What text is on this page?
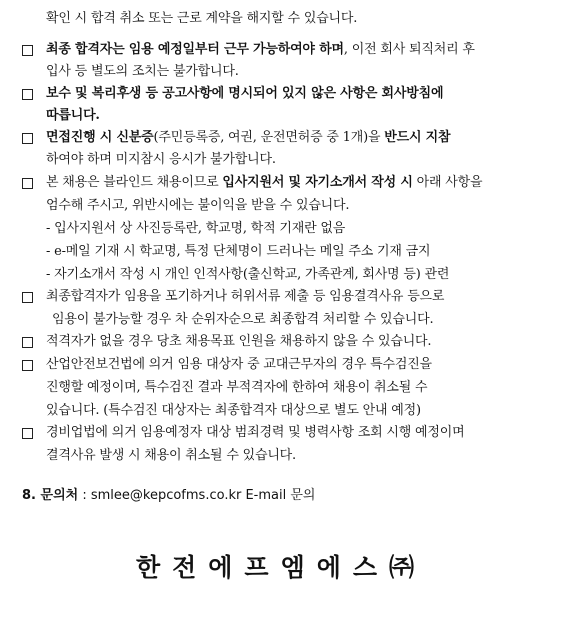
확인 시 합격 취소 또는 근로 계약을 해지할 수 있습니다.
최종 합격자는 임용 예정일부터 근무 가능하여야 하며, 이전 회사 퇴직처리 후
입사 등 별도의 조치는 불가합니다.
보수 및 복리후생 등 공고사항에 명시되어 있지 않은 사항은 회사방침에
따릅니다.
면접진행 시 신분증(주민등록증, 여권, 운전면허증 중 1개)을 반드시 지참
하여야 하며 미지참시 응시가 불가합니다.
본 채용은 블라인드 채용이므로 입사지원서 및 자기소개서 작성 시 아래 사항을
엄수해 주시고, 위반시에는 불이익을 받을 수 있습니다.
- 입사지원서 상 사진등록란, 학교명, 학적 기재란 없음
- e-메일 기재 시 학교명, 특정 단체명이 드러나는 메일 주소 기재 금지
- 자기소개서 작성 시 개인 인적사항(출신학교, 가족관계, 회사명 등) 관련
최종합격자가 임용을 포기하거나 허위서류 제출 등 임용결격사유 등으로
임용이 불가능할 경우 차 순위자순으로 최종합격 처리할 수 있습니다.
적격자가 없을 경우 당초 채용목표 인원을 채용하지 않을 수 있습니다.
산업안전보건법에 의거 임용 대상자 중 교대근무자의 경우 특수검진을
진행할 예정이며, 특수검진 결과 부적격자에 한하여 채용이 취소될 수
있습니다. (특수검진 대상자는 최종합격자 대상으로 별도 안내 예정)
경비업법에 의거 임용예정자 대상 범죄경력 및 병력사항 조회 시행 예정이며
결격사유 발생 시 채용이 취소될 수 있습니다.
8. 문의처 : smlee@kepcofms.co.kr E-mail 문의
한전에프엠에스㈜
